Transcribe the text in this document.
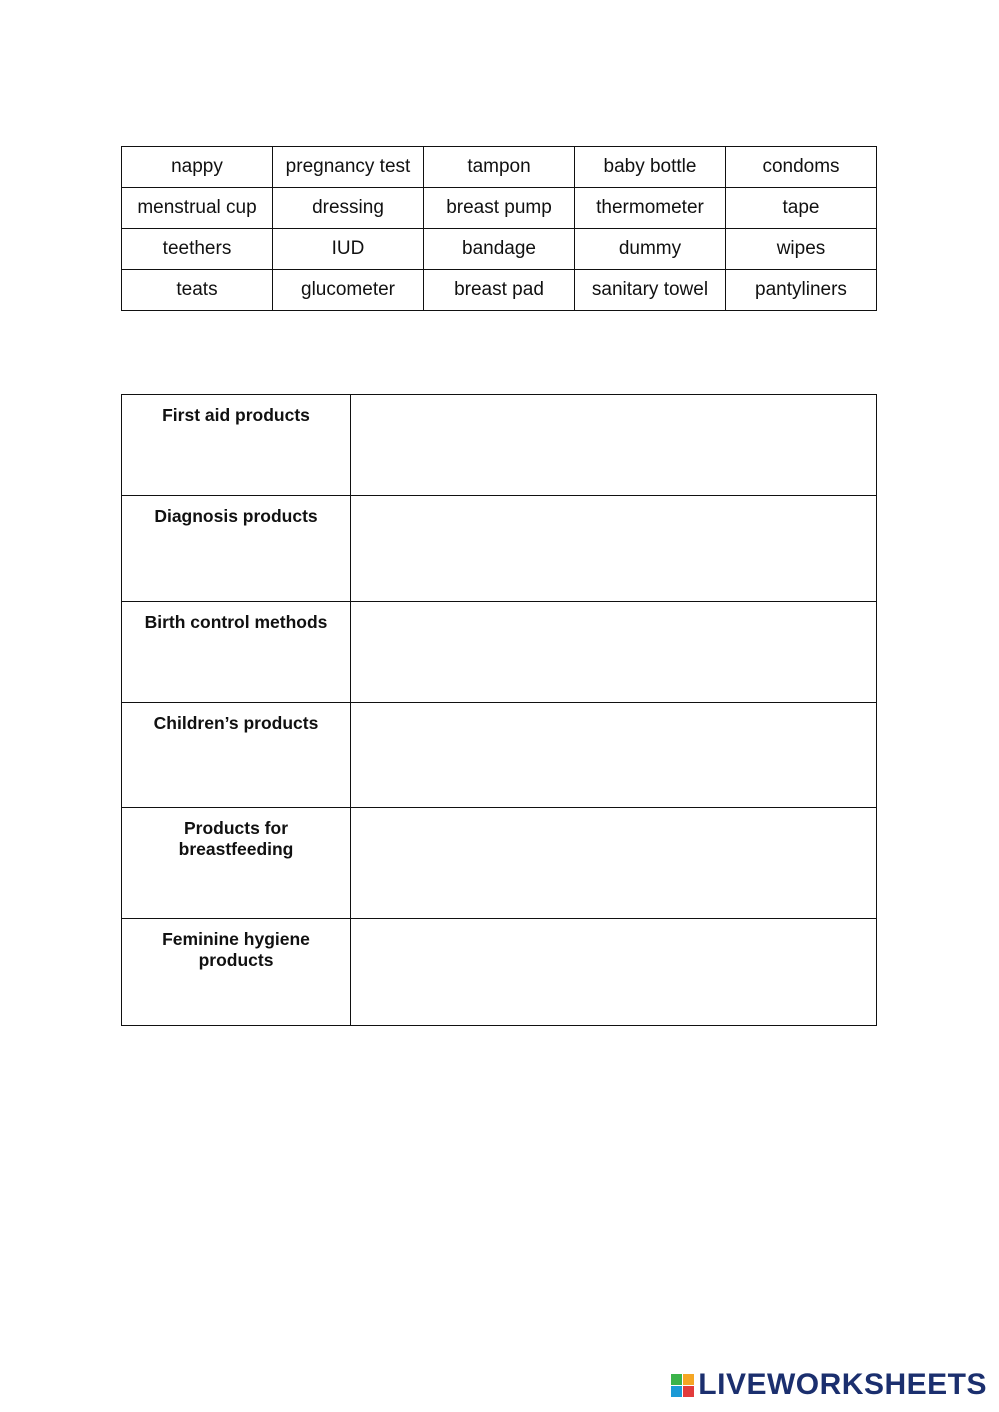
nappy	pregnancy test	tampon	baby bottle	condoms
menstrual cup	dressing	breast pump	thermometer	tape
teethers	IUD	bandage	dummy	wipes
teats	glucometer	breast pad	sanitary towel	pantyliners
First aid products	
Diagnosis products	
Birth control methods	
Children’s products	
Products for breastfeeding	
Feminine hygiene products	
LIVEWORKSHEETS
